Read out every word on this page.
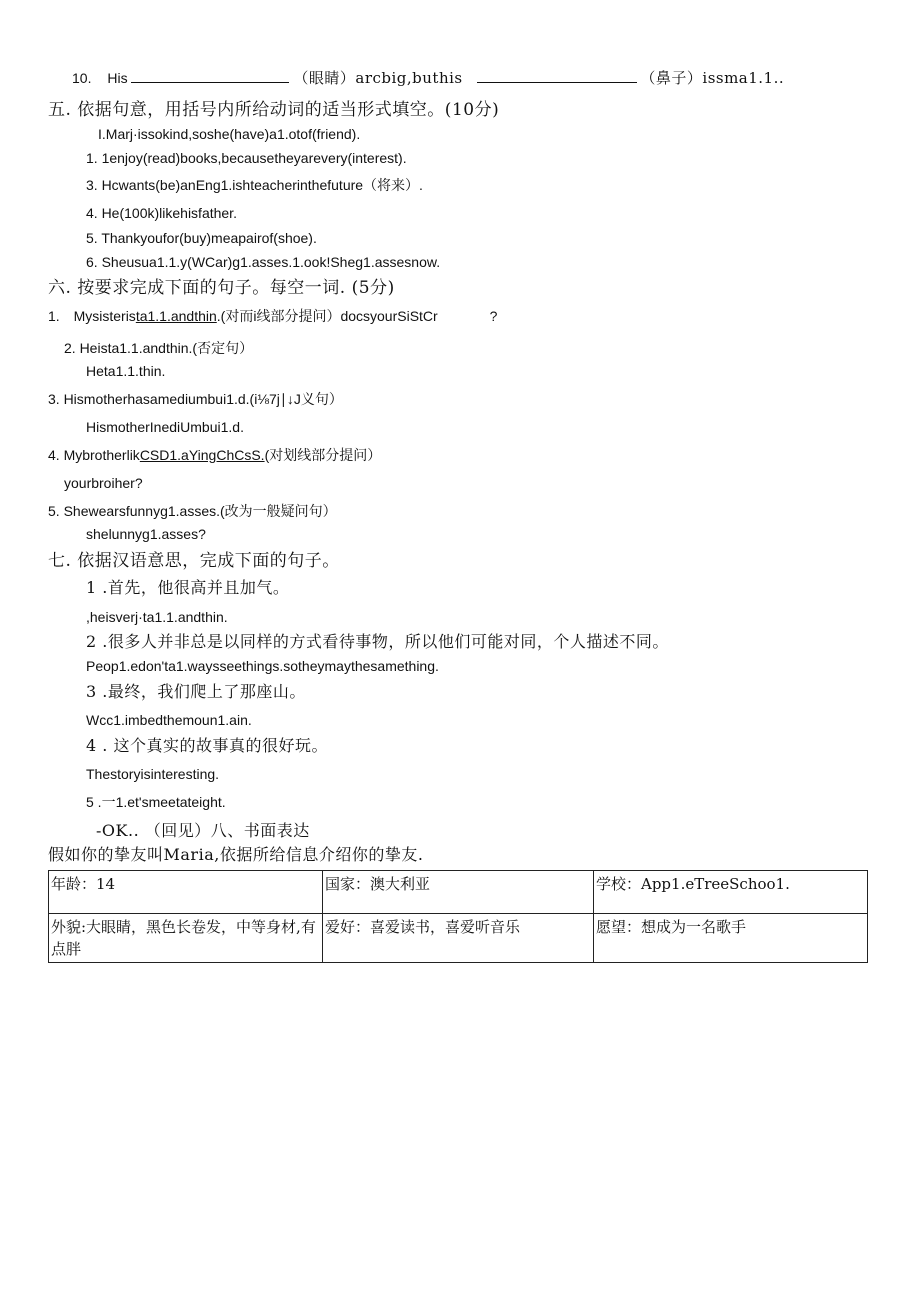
10. His	（眼睛）arcbig,buthis	（鼻子）issma1.1..
五. 依据句意，用括号内所给动词的适当形式填空。(10分)
I.Marj·issokind,soshe(have)a1.otof(friend).
1. 1enjoy(read)books,becausetheyarevery(interest).
3. Hcwants(be)anEng1.ishteacherinthefuture（将来）.
4. He(100k)likehisfather.
5. Thankyoufor(buy)meapairof(shoe).
6. Sheusua1.1.y(WCar)g1.asses.1.ook!Sheg1.assesnow.
六. 按要求完成下面的句子。每空一词. (5分)
1. Mysisterista1.1.andthin.(对而i线部分提问）docsyourSiStCr	?
2. Heista1.1.andthin.(否定句）
Heta1.1.thin.
3. Hismotherhasamediumbui1.d.(i⅛7j∣↓J义句）
HismotherInediUmbui1.d.
4. MybrotherlikCSD1.aYingChCsS.(对划线部分提问）
yourbroiher?
5. Shewearsfunnyg1.asses.(改为一般疑问句）
shelunnyg1.asses?
七. 依据汉语意思，完成下面的句子。
1 .首先，他很高并且加气。
,heisverj·ta1.1.andthin.
2 .很多人并非总是以同样的方式看待事物，所以他们可能对同，个人描述不同。
Peop1.edon'ta1.waysseethings.sotheymaythesamething.
3 .最终，我们爬上了那座山。
Wcc1.imbedthemoun1.ain.
4 . 这个真实的故事真的很好玩。
Thestoryisinteresting.
5 .一1.et'smeetateight.
-OK.. （回见）八、书面表达
假如你的挚友叫Maria,依据所给信息介绍你的挚友.
年龄：14	国家：澳大利亚	学校：App1.eTreeSchoo1.
外貌:大眼睛，黑色长卷发，中等身材,有点胖	爱好：喜爱读书，喜爱听音乐	愿望：想成为一名歌手
